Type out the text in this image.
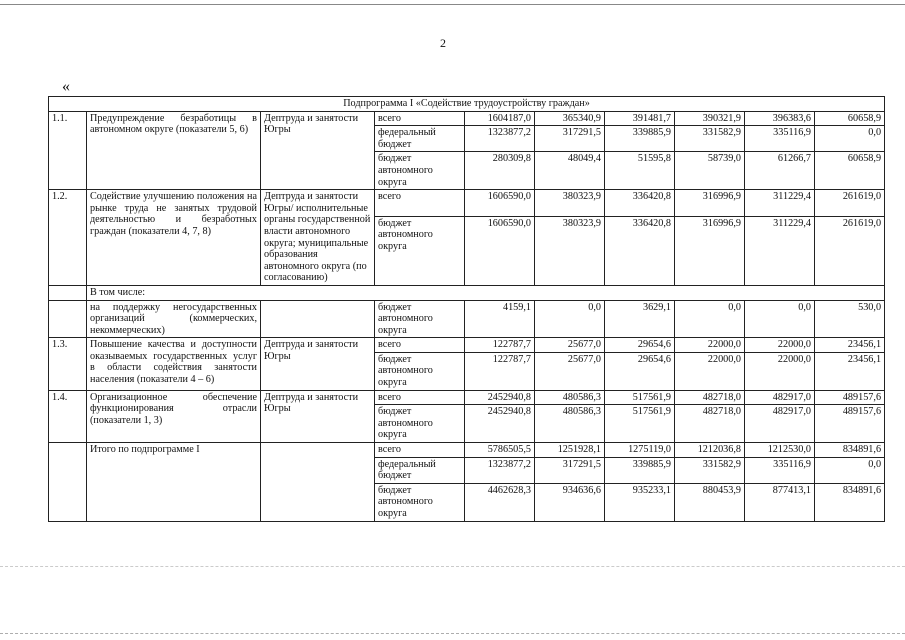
2
«
Подпрограмма I «Содействие трудоустройству граждан»									
1.1.	Предупреждение безработицы в автономном округе (показатели 5, 6)	Дептруда и занятости Югры	всего	1604187,0	365340,9	391481,7	390321,9	396383,6	60658,9
			федеральный бюджет	1323877,2	317291,5	339885,9	331582,9	335116,9	0,0
			бюджет автономного округа	280309,8	48049,4	51595,8	58739,0	61266,7	60658,9
1.2.	Содействие улучшению положения на рынке труда не занятых трудовой деятельностью и безработных граждан (показатели 4, 7, 8)	Дептруда и занятости Югры/ исполнительные органы государственной власти автономного округа; муниципальные образования автономного округа (по согласованию)	всего	1606590,0	380323,9	336420,8	316996,9	311229,4	261619,0
			бюджет автономного округа	1606590,0	380323,9	336420,8	316996,9	311229,4	261619,0
	В том числе:								
	на поддержку негосударственных организаций (коммерческих, некоммерческих)		бюджет автономного округа	4159,1	0,0	3629,1	0,0	0,0	530,0
1.3.	Повышение качества и доступности оказываемых государственных услуг в области содействия занятости населения (показатели 4 – 6)	Дептруда и занятости Югры	всего	122787,7	25677,0	29654,6	22000,0	22000,0	23456,1
			бюджет автономного округа	122787,7	25677,0	29654,6	22000,0	22000,0	23456,1
1.4.	Организационное обеспечение функционирования отрасли (показатели 1, 3)	Дептруда и занятости Югры	всего	2452940,8	480586,3	517561,9	482718,0	482917,0	489157,6
			бюджет автономного округа	2452940,8	480586,3	517561,9	482718,0	482917,0	489157,6
	Итого по подпрограмме I		всего	5786505,5	1251928,1	1275119,0	1212036,8	1212530,0	834891,6
			федеральный бюджет	1323877,2	317291,5	339885,9	331582,9	335116,9	0,0
			бюджет автономного округа	4462628,3	934636,6	935233,1	880453,9	877413,1	834891,6
